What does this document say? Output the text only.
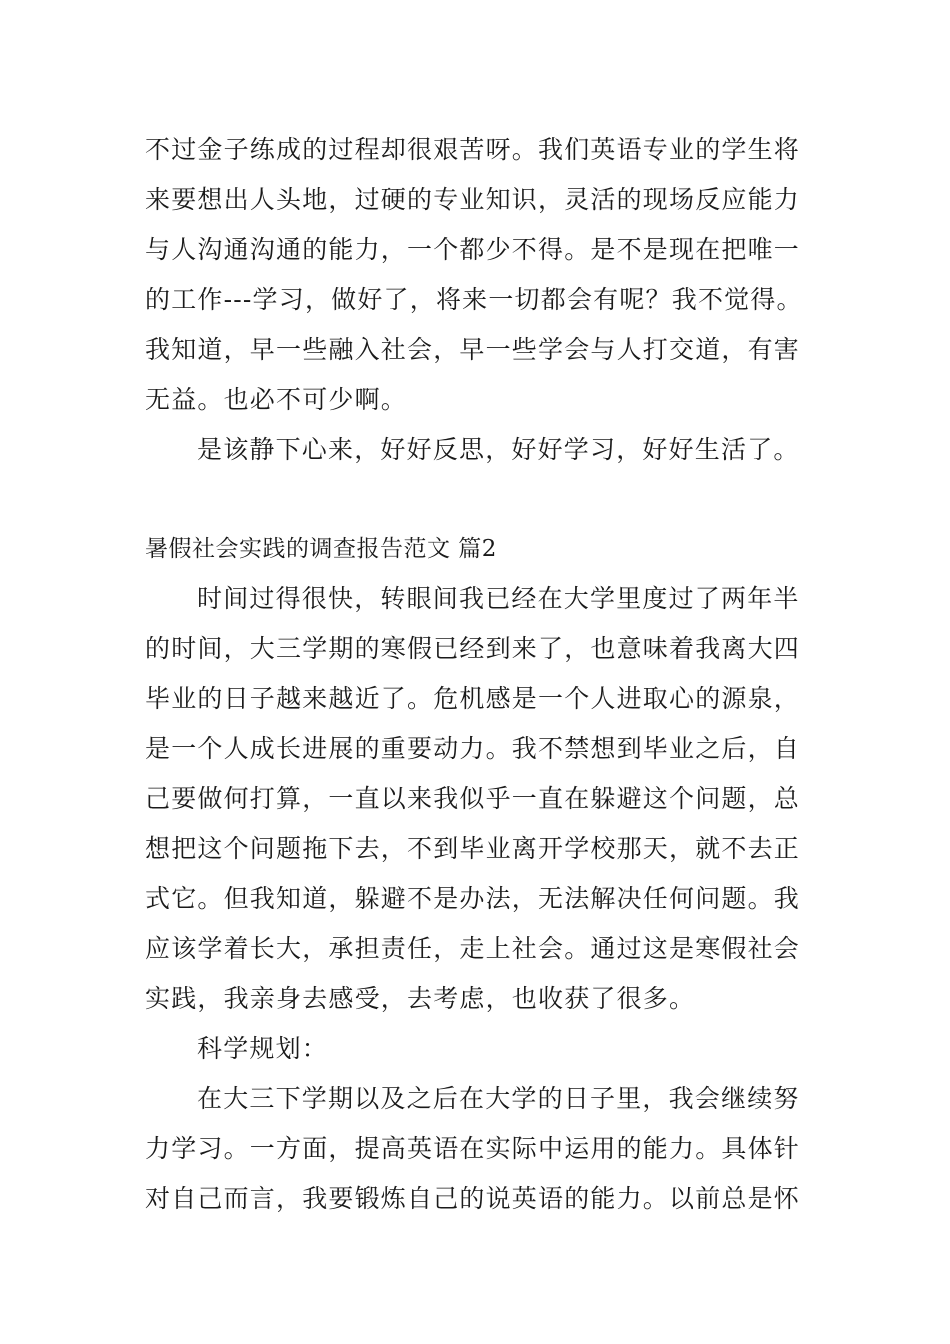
不过金子练成的过程却很艰苦呀。我们英语专业的学生将
来要想出人头地，过硬的专业知识，灵活的现场反应能力
与人沟通沟通的能力，一个都少不得。是不是现在把唯一
的工作---学习，做好了，将来一切都会有呢？我不觉得。
我知道，早一些融入社会，早一些学会与人打交道，有害
无益。也必不可少啊。
是该静下心来，好好反思，好好学习，好好生活了。
暑假社会实践的调查报告范文 篇2
时间过得很快，转眼间我已经在大学里度过了两年半
的时间，大三学期的寒假已经到来了，也意味着我离大四
毕业的日子越来越近了。危机感是一个人进取心的源泉，
是一个人成长进展的重要动力。我不禁想到毕业之后，自
己要做何打算，一直以来我似乎一直在躲避这个问题，总
想把这个问题拖下去，不到毕业离开学校那天，就不去正
式它。但我知道，躲避不是办法，无法解决任何问题。我
应该学着长大，承担责任，走上社会。通过这是寒假社会
实践，我亲身去感受，去考虑，也收获了很多。
科学规划：
在大三下学期以及之后在大学的日子里，我会继续努
力学习。一方面，提高英语在实际中运用的能力。具体针
对自己而言，我要锻炼自己的说英语的能力。以前总是怀
